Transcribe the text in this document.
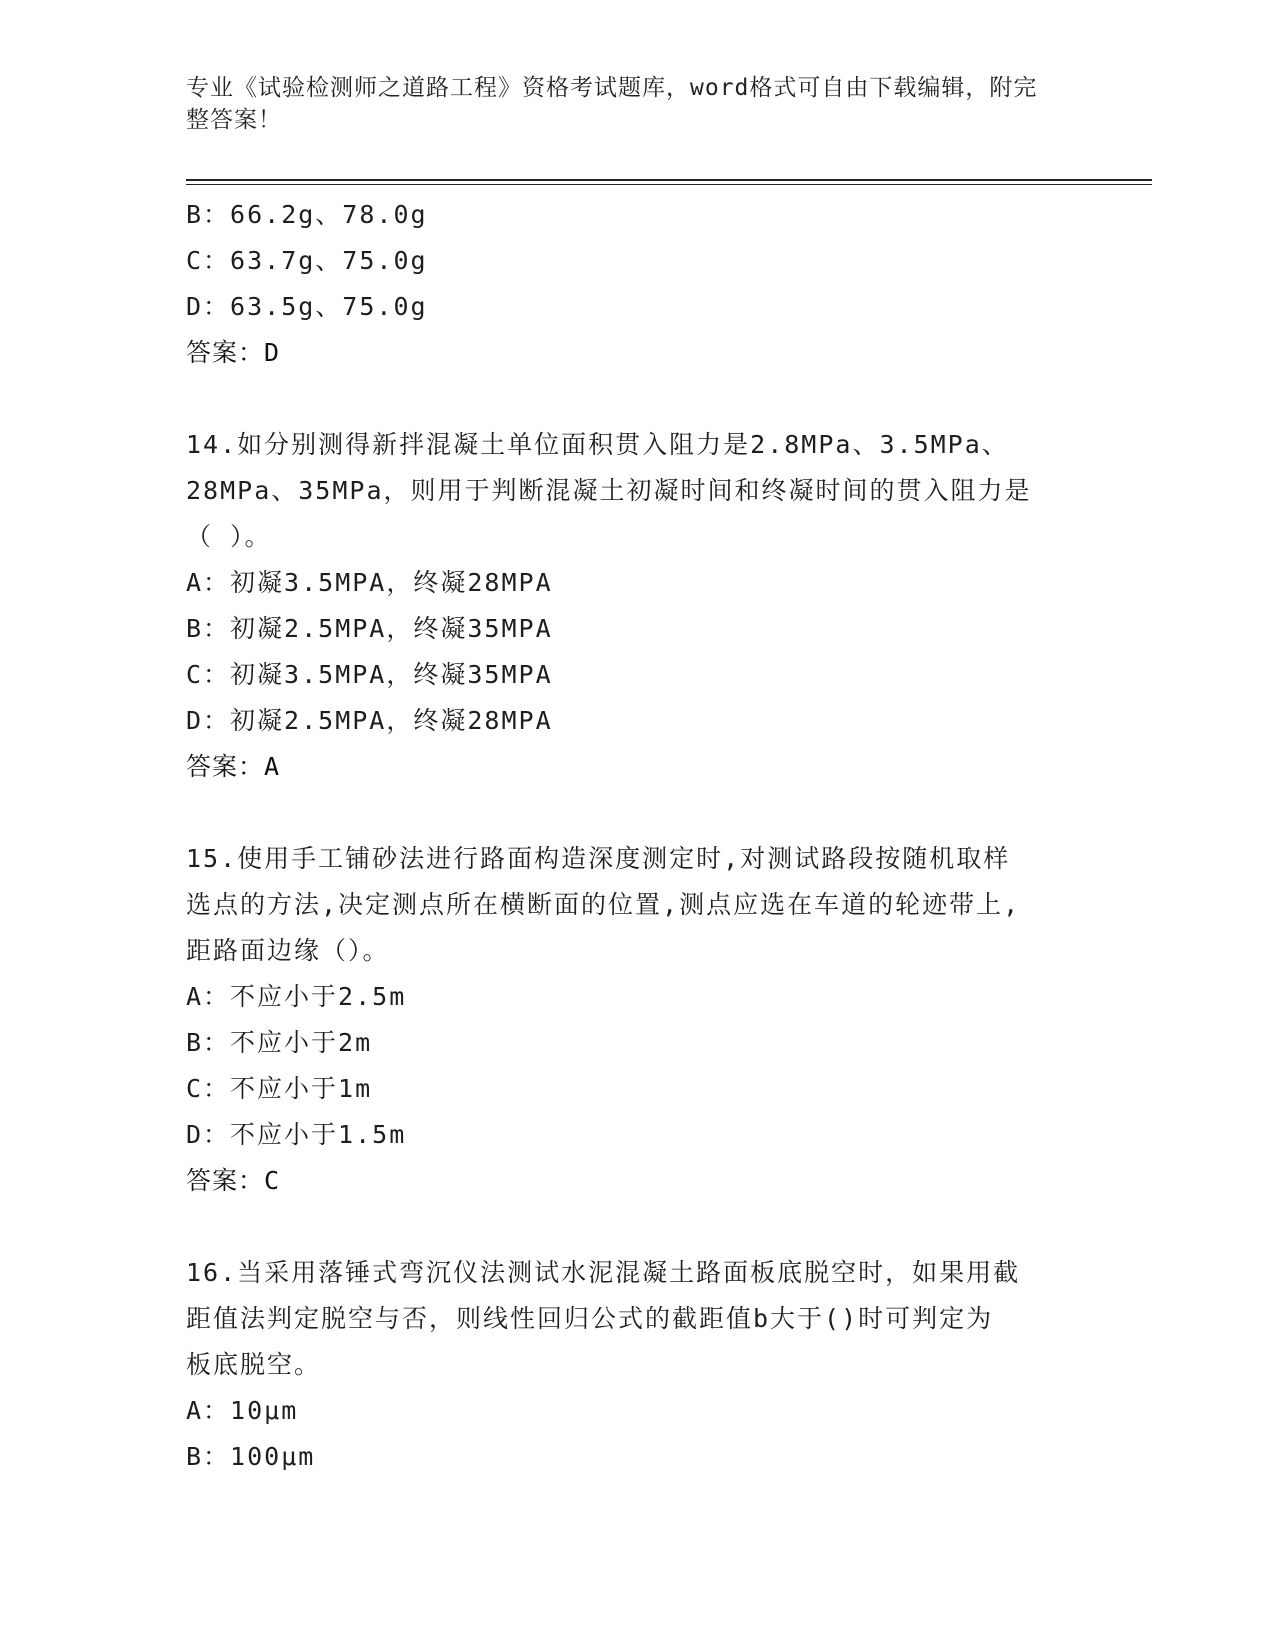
专业《试验检测师之道路工程》资格考试题库，word格式可自由下载编辑，附完
整答案！
B：66.2g、78.0g
C：63.7g、75.0g
D：63.5g、75.0g
答案：D
14.如分别测得新拌混凝土单位面积贯入阻力是2.8MPa、3.5MPa、
28MPa、35MPa，则用于判断混凝土初凝时间和终凝时间的贯入阻力是
（ ）。
A：初凝3.5MPA，终凝28MPA
B：初凝2.5MPA，终凝35MPA
C：初凝3.5MPA，终凝35MPA
D：初凝2.5MPA，终凝28MPA
答案：A
15.使用手工铺砂法进行路面构造深度测定时,对测试路段按随机取样
选点的方法,决定测点所在横断面的位置,测点应选在车道的轮迹带上,
距路面边缘（）。
A：不应小于2.5m
B：不应小于2m
C：不应小于1m
D：不应小于1.5m
答案：C
16.当采用落锤式弯沉仪法测试水泥混凝土路面板底脱空时，如果用截
距值法判定脱空与否，则线性回归公式的截距值b大于()时可判定为
板底脱空。
A：10μm
B：100μm
